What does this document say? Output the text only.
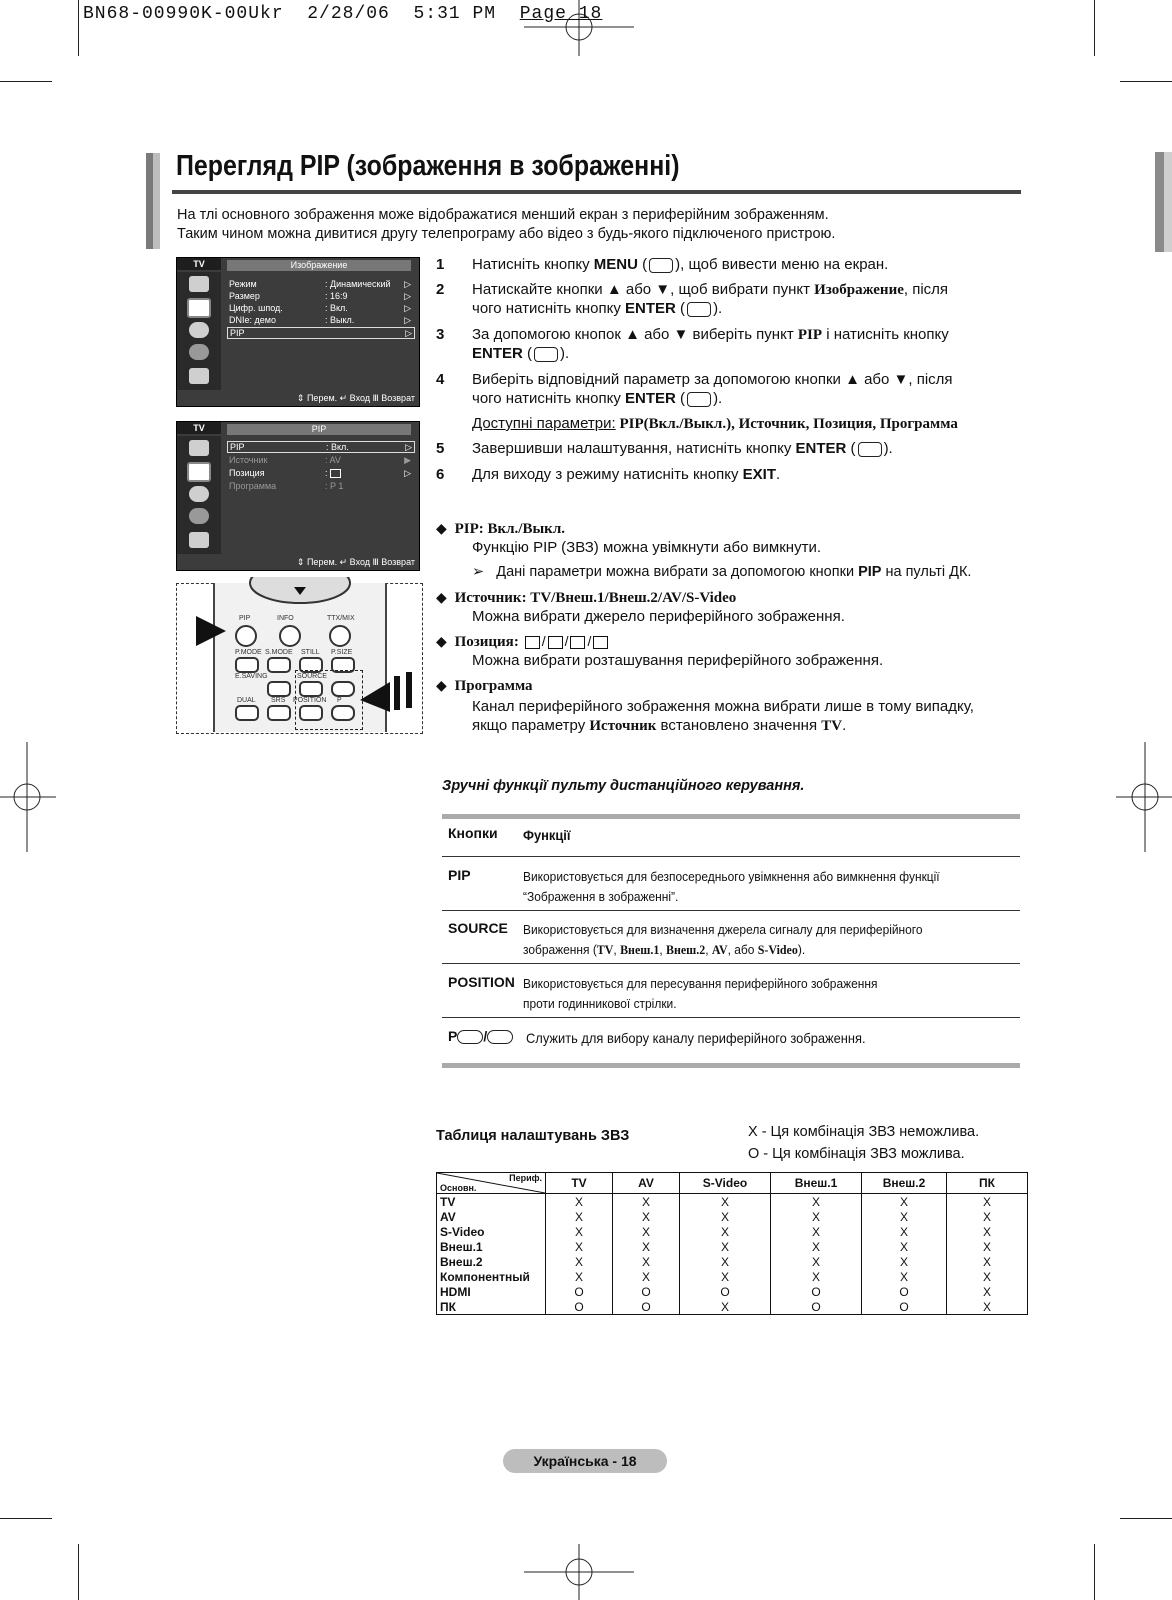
BN68-00990K-00Ukr 2/28/06 5:31 PM Page 18
Перегляд PIP (зображення в зображенні)
На тлі основного зображення може відображатися менший екран з периферійним зображенням.
Таким чином можна дивитися другу телепрограму або відео з будь-якого підключеного пристрою.
TV	Изображение
Режим	: Динамический ▷
Размер	: 16:9	▷
Цифр. шпод.	: Вкл.	▷
DNIe: демо	: Выкл.	▷
PIP	▷
⇕ Перем. ↵ Вход Ⅲ Возврат
TV	PIP
PIP	: Вкл.	▷
Источник	: AV	▶
Позиция	:	▷
Программа	: P 1
⇕ Перем. ↵ Вход Ⅲ Возврат
PIP	INFO	TTX/MIX
P.MODE S.MODE STILL P.SIZE
E.SAVING	SOURCE
DUAL SRS POSITION P
1 Натисніть кнопку MENU ( ), щоб вивести меню на екран.
2 Натискайте кнопки ▲ або ▼, щоб вибрати пункт Изображение, після
чого натисніть кнопку ENTER ( ).
3 За допомогою кнопок ▲ або ▼ виберіть пункт PIP і натисніть кнопку
ENTER ( ).
4 Виберіть відповідний параметр за допомогою кнопки ▲ або ▼, після
чого натисніть кнопку ENTER ( ).
Доступні параметри: PIP(Вкл./Выкл.), Источник, Позиция, Программа
5 Завершивши налаштування, натисніть кнопку ENTER ( ).
6 Для виходу з режиму натисніть кнопку EXIT.
◆ PIP: Вкл./Выкл.
Функцію PIP (ЗВЗ) можна увімкнути або вимкнути.
➢ Дані параметри можна вибрати за допомогою кнопки PIP на пульті ДК.
◆ Источник: TV/Внеш.1/Внеш.2/AV/S-Video
Можна вибрати джерело периферійного зображення.
◆ Позиция: / / /
Можна вибрати розташування периферійного зображення.
◆ Программа
Канал периферійного зображення можна вибрати лише в тому випадку,
якщо параметру Источник встановлено значення TV.
Зручні функції пульту дистанційного керування.
Кнопки Функції
PIP	Використовується для безпосереднього увімкнення або вимкнення функції
“Зображення в зображенні”.
SOURCE Використовується для визначення джерела сигналу для периферійного
зображення (TV, Внеш.1, Внеш.2, AV, або S-Video).
POSITION Використовується для пересування периферійного зображення
проти годинникової стрілки.
P /	Служить для вибору каналу периферійного зображення.
Таблиця налаштувань ЗВЗ	X - Ця комбінація ЗВЗ неможлива.
O - Ця комбінація ЗВЗ можлива.
Периф.
Основн.	TV	AV	S-Video	Внеш.1	Внеш.2	ПК
TV	X	X	X	X	X	X
AV	X	X	X	X	X	X
S-Video	X	X	X	X	X	X
Внеш.1	X	X	X	X	X	X
Внеш.2	X	X	X	X	X	X
Компонентный	X	X	X	X	X	X
HDMI	O	O	O	O	O	X
ПК	O	O	X	O	O	X
Українська - 18
